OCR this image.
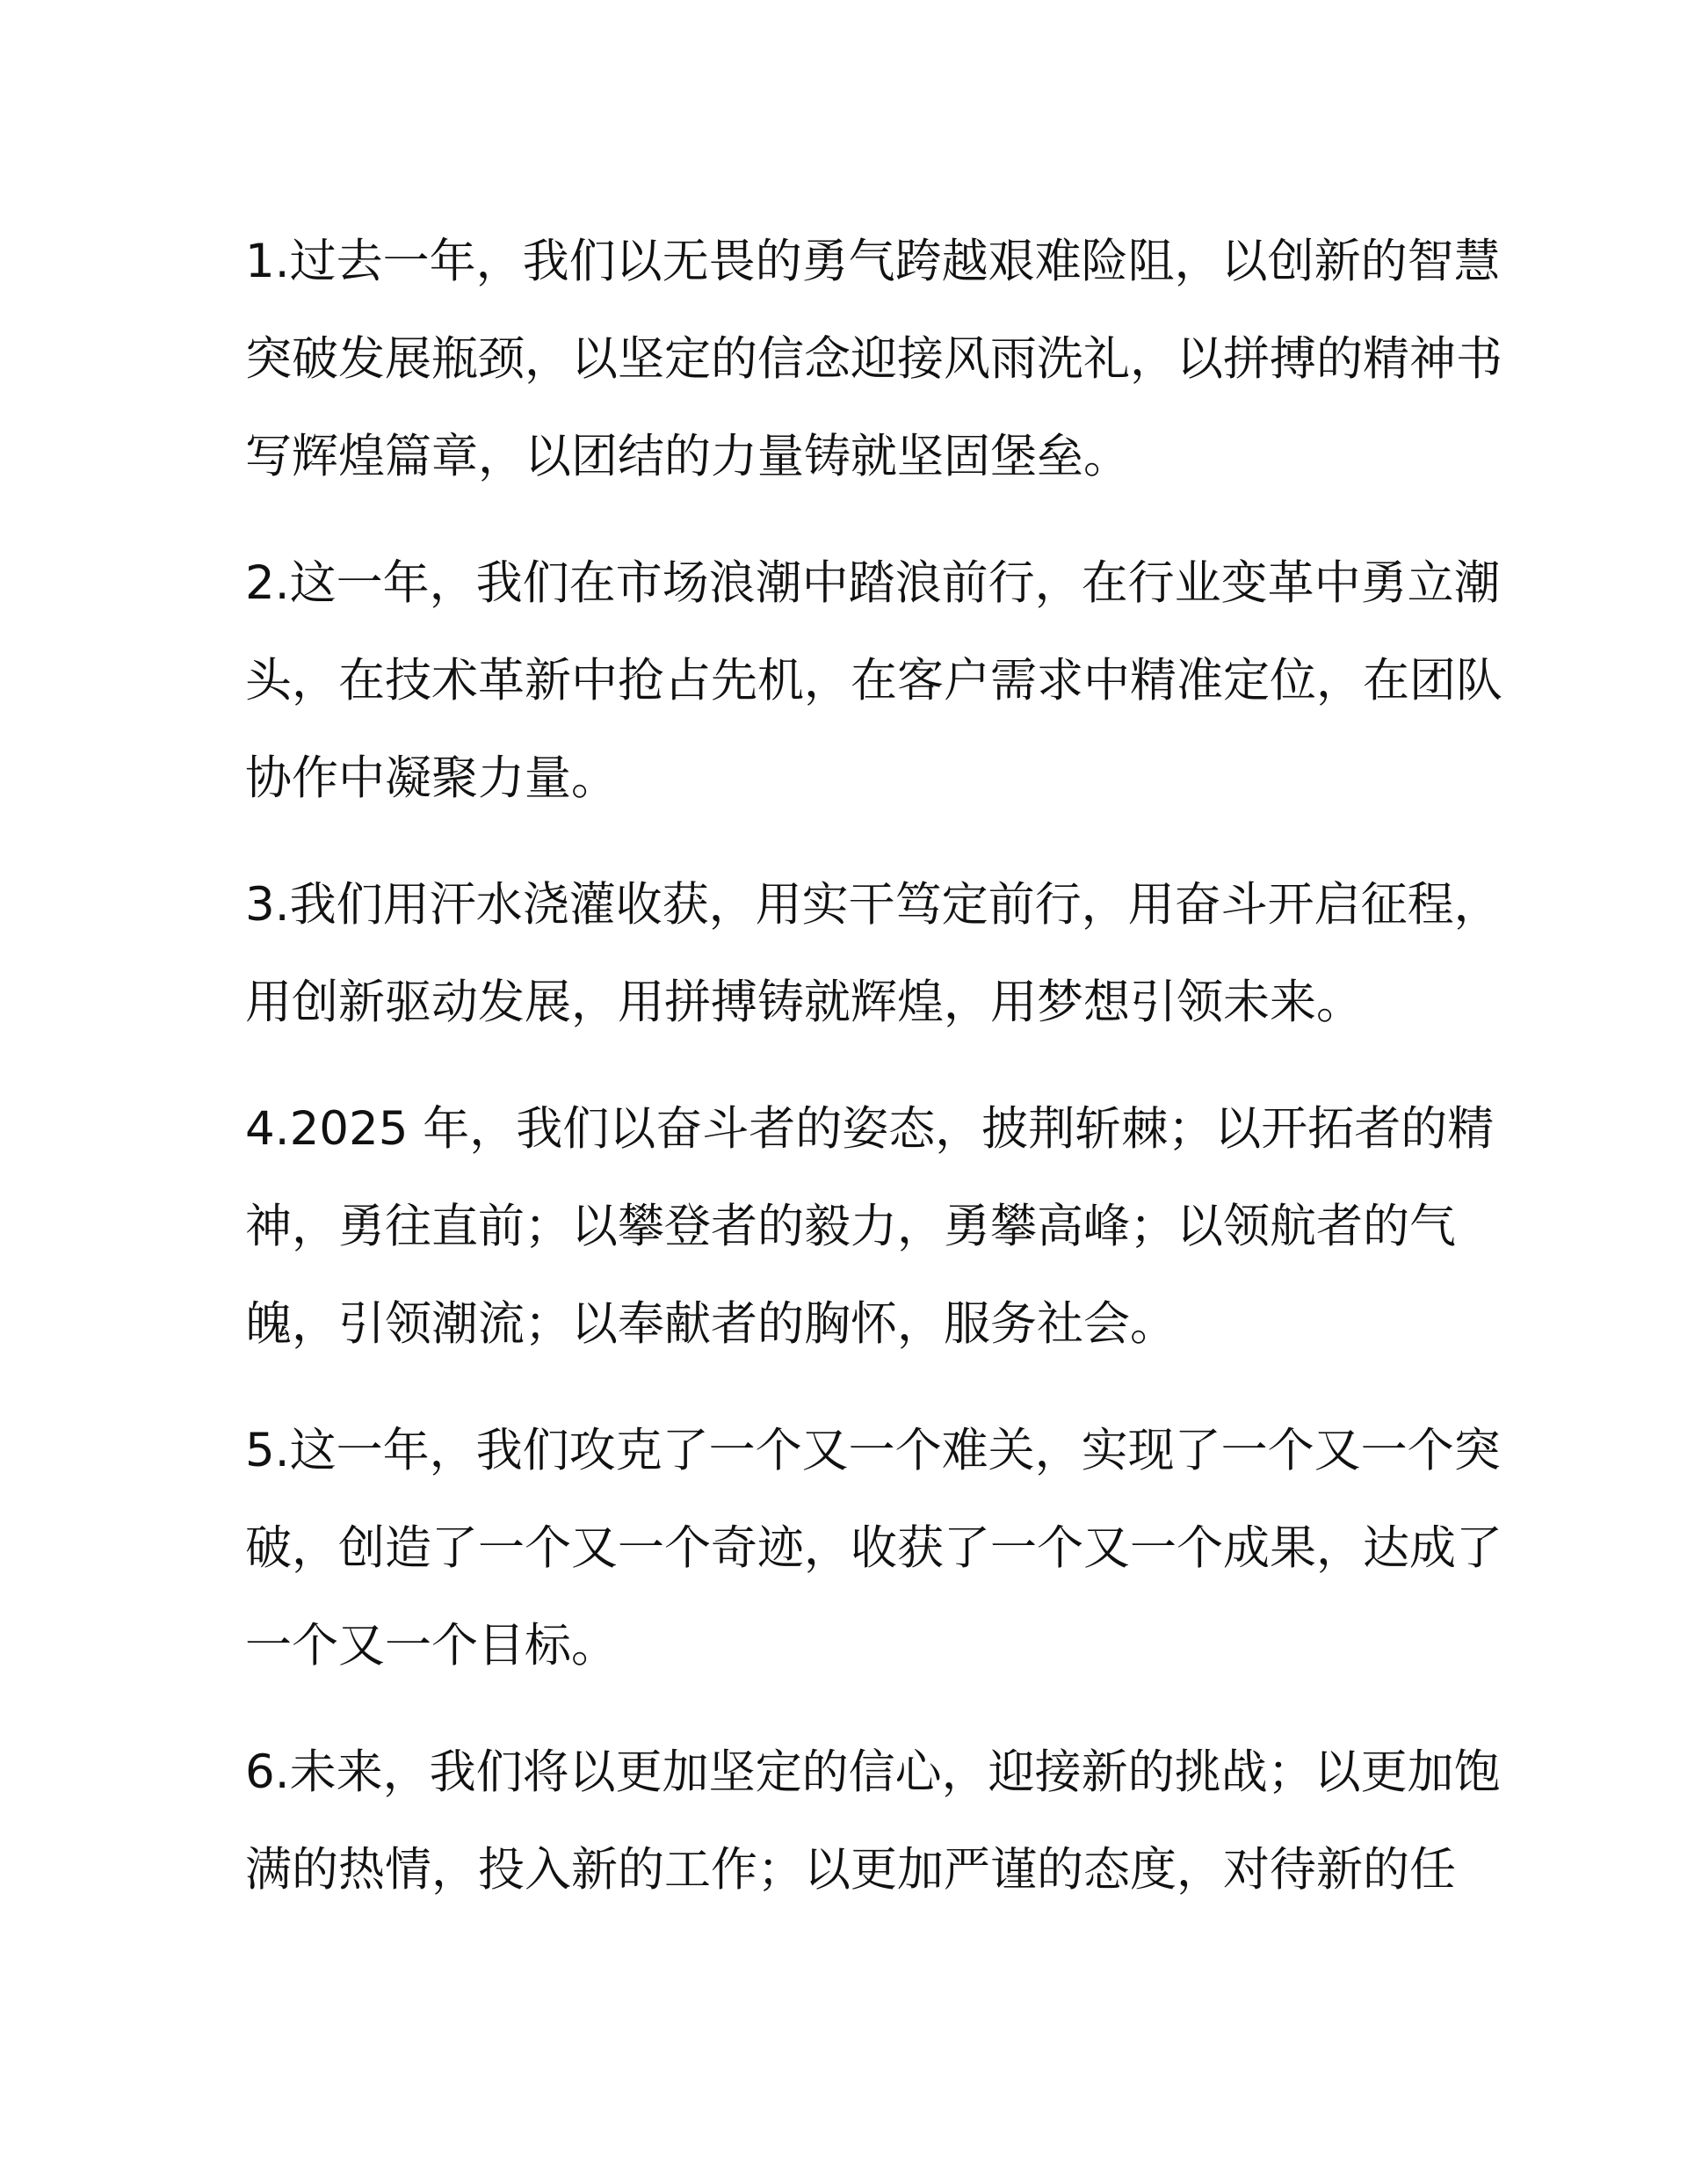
1.过去一年，我们以无畏的勇气跨越艰难险阻，以创新的智慧
突破发展瓶颈，以坚定的信念迎接风雨洗礼，以拼搏的精神书
写辉煌篇章，以团结的力量铸就坚固堡垒。
2.这一年，我们在市场浪潮中踏浪前行，在行业变革中勇立潮
头，在技术革新中抢占先机，在客户需求中精准定位，在团队
协作中凝聚力量。
3.我们用汗水浇灌收获，用实干笃定前行，用奋斗开启征程，
用创新驱动发展，用拼搏铸就辉煌，用梦想引领未来。
4.2025 年，我们以奋斗者的姿态，披荆斩棘；以开拓者的精
神，勇往直前；以攀登者的毅力，勇攀高峰；以领航者的气
魄，引领潮流；以奉献者的胸怀，服务社会。
5.这一年，我们攻克了一个又一个难关，实现了一个又一个突
破，创造了一个又一个奇迹，收获了一个又一个成果，达成了
一个又一个目标。
6.未来，我们将以更加坚定的信心，迎接新的挑战；以更加饱
满的热情，投入新的工作；以更加严谨的态度，对待新的任
